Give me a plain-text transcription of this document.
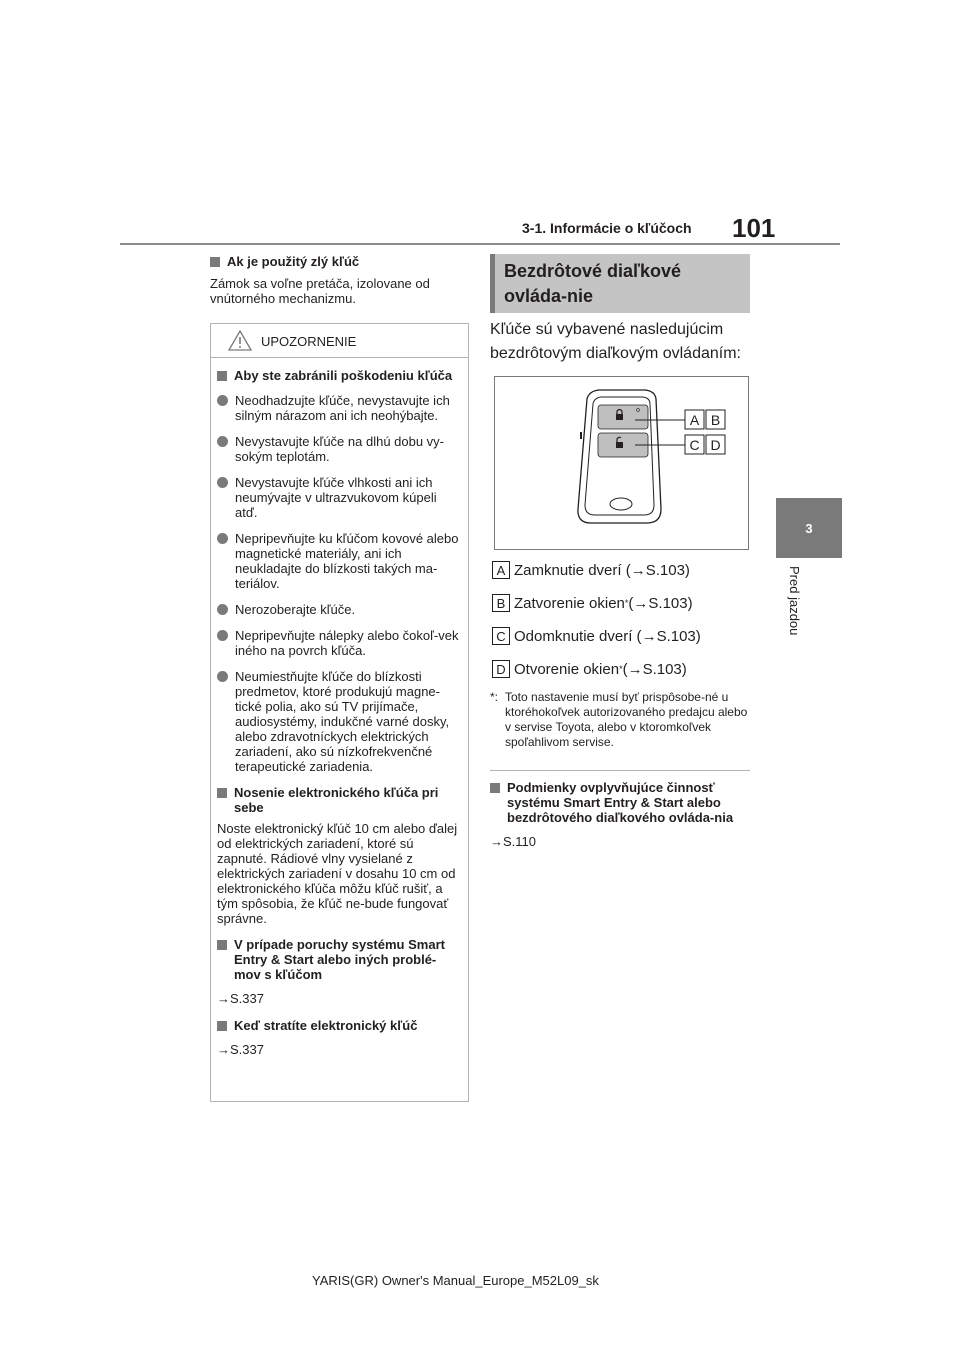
3-1. Informácie o kľúčoch 101
3
Pred jazdou
Ak je použitý zlý kľúč
Zámok sa voľne pretáča, izolovane od vnútorného mechanizmu.
UPOZORNENIE
Aby ste zabránili poškodeniu kľúča
Neodhadzujte kľúče, nevystavujte ich silným nárazom ani ich neohýbajte.
Nevystavujte kľúče na dlhú dobu vy-sokým teplotám.
Nevystavujte kľúče vlhkosti ani ich neumývajte v ultrazvukovom kúpeli atď.
Nepripevňujte ku kľúčom kovové alebo magnetické materiály, ani ich neukladajte do blízkosti takých ma-teriálov.
Nerozoberajte kľúče.
Nepripevňujte nálepky alebo čokoľ-vek iného na povrch kľúča.
Neumiestňujte kľúče do blízkosti predmetov, ktoré produkujú magne-tické polia, ako sú TV prijímače, audiosystémy, indukčné varné dosky, alebo zdravotníckych elektrických zariadení, ako sú nízkofrekvenčné terapeutické zariadenia.
Nosenie elektronického kľúča pri sebe
Noste elektronický kľúč 10 cm alebo ďalej od elektrických zariadení, ktoré sú zapnuté. Rádiové vlny vysielané z elektrických zariadení v dosahu 10 cm od elektronického kľúča môžu kľúč rušiť, a tým spôsobia, že kľúč ne-bude fungovať správne.
V prípade poruchy systému Smart Entry & Start alebo iných problé-mov s kľúčom
→S.337
Keď stratíte elektronický kľúč
→S.337
Bezdrôtové diaľkové ovláda-nie
Kľúče sú vybavené nasledujúcim bezdrôtovým diaľkovým ovládaním:
A B
C D
A Zamknutie dverí ( →S.103)
B Zatvorenie okien * (→S.103)
C Odomknutie dverí ( →S.103)
D Otvorenie okien * (→S.103)
*: Toto nastavenie musí byť prispôsobe-né u ktoréhokoľvek autorizovaného predajcu alebo v servise Toyota, alebo v ktoromkoľvek spoľahlivom servise.
Podmienky ovplyvňujúce činnosť systému Smart Entry & Start alebo bezdrôtového diaľkového ovláda-nia
→S.110
YARIS(GR) Owner's Manual_Europe_M52L09_sk
